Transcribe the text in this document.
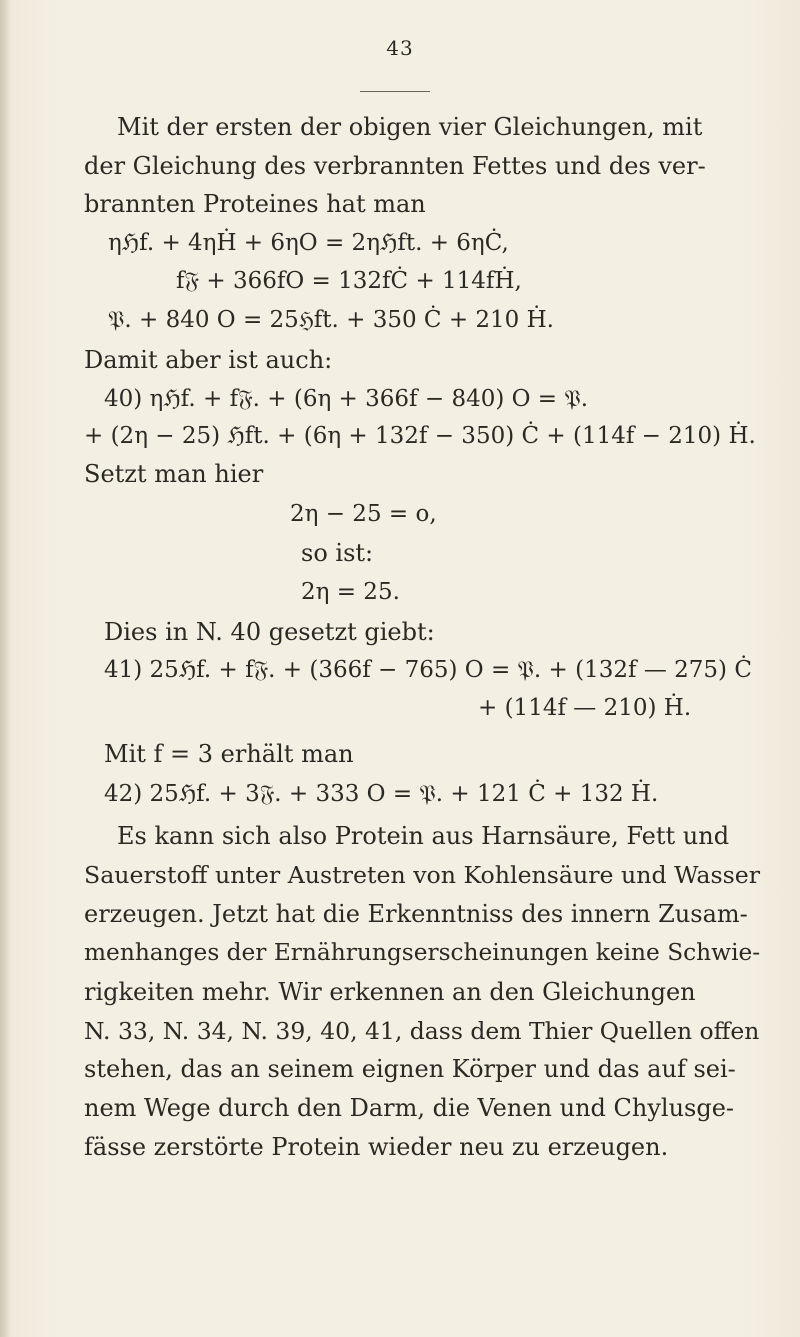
43
Mit der ersten der obigen vier Gleichungen, mit
der Gleichung des verbrannten Fettes und des ver-
brannten Proteines hat man
ηℌf. + 4ηḢ + 6ηO = 2ηℌft. + 6ηĊ,
f𝔉 + 366fO = 132fĊ + 114fḢ,
𝔓. + 840 O = 25ℌft. + 350 Ċ + 210 Ḣ.
Damit aber ist auch:
40) ηℌf. + f𝔉. + (6η + 366f − 840) O = 𝔓.
+ (2η − 25) ℌft. + (6η + 132f − 350) Ċ + (114f − 210) Ḣ.
Setzt man hier
2η − 25 = o,
so ist:
2η = 25.
Dies in N. 40 gesetzt giebt:
41) 25ℌf. + f𝔉. + (366f − 765) O = 𝔓. + (132f — 275) Ċ
+ (114f — 210) Ḣ.
Mit f = 3 erhält man
42) 25ℌf. + 3𝔉. + 333 O = 𝔓. + 121 Ċ + 132 Ḣ.
Es kann sich also Protein aus Harnsäure, Fett und
Sauerstoff unter Austreten von Kohlensäure und Wasser
erzeugen. Jetzt hat die Erkenntniss des innern Zusam-
menhanges der Ernährungserscheinungen keine Schwie-
rigkeiten mehr. Wir erkennen an den Gleichungen
N. 33, N. 34, N. 39, 40, 41, dass dem Thier Quellen offen
stehen, das an seinem eignen Körper und das auf sei-
nem Wege durch den Darm, die Venen und Chylusge-
fässe zerstörte Protein wieder neu zu erzeugen.
